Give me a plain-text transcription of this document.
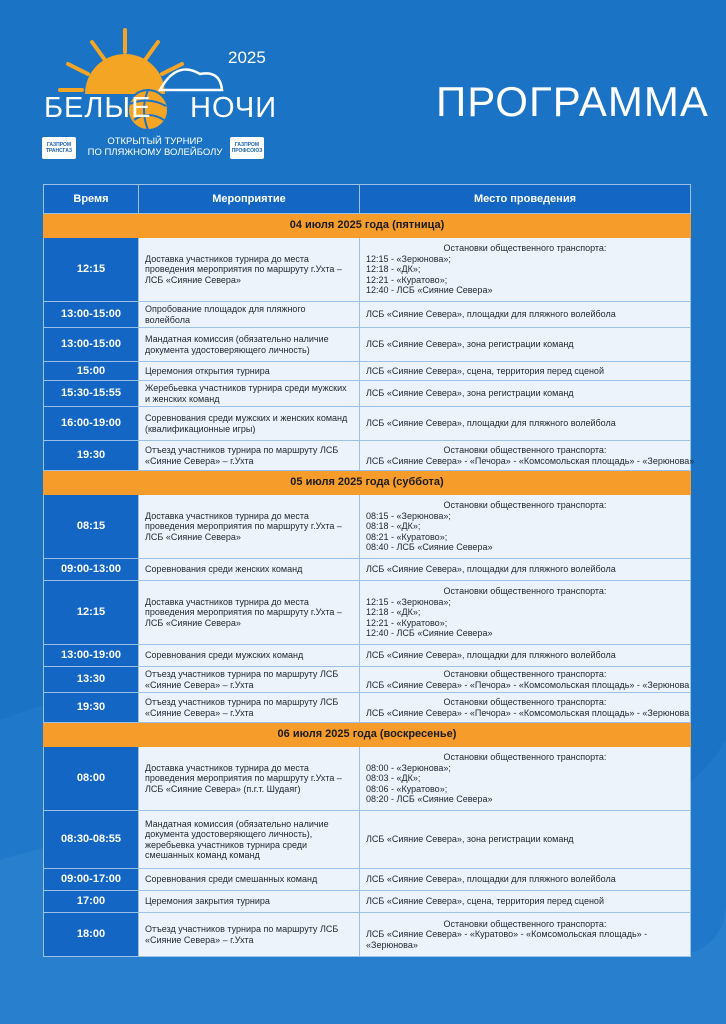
2025
БЕЛЫЕ НОЧИ
ОТКРЫТЫЙ ТУРНИР
ПО ПЛЯЖНОМУ ВОЛЕЙБОЛУ
ГАЗПРОМ ТРАНСГАЗ
ГАЗПРОМ ПРОФСОЮЗ
ПРОГРАММА
Время	Мероприятие	Место проведения
04 июля 2025 года (пятница)		
12:15	Доставка участников турнира до места проведения мероприятия по маршруту г.Ухта – ЛСБ «Сияние Севера»	Остановки общественного транспорта:
12:15 - «Зерюнова»;
12:18 - «ДК»;
12:21 - «Куратово»;
12:40 - ЛСБ «Сияние Севера»

13:00-15:00	Опробование площадок для пляжного волейбола	ЛСБ «Сияние Севера», площадки для пляжного волейбола

13:00-15:00	Мандатная комиссия (обязательно наличие документа удостоверяющего личность)	ЛСБ «Сияние Севера», зона регистрации команд

15:00	Церемония открытия турнира	ЛСБ «Сияние Севера», сцена, территория перед сценой

15:30-15:55	Жеребьевка участников турнира среди мужских и женских команд	ЛСБ «Сияние Севера», зона регистрации команд

16:00-19:00	Соревнования среди мужских и женских команд (квалификационные игры)	ЛСБ «Сияние Севера», площадки для пляжного волейбола

19:30	Отъезд участников турнира по маршруту ЛСБ «Сияние Севера» – г.Ухта	Остановки общественного транспорта:
ЛСБ «Сияние Севера» - «Печора» - «Комсомольская площадь» - «Зерюнова»

05 июля 2025 года (суббота)		
08:15	Доставка участников турнира до места проведения мероприятия по маршруту г.Ухта – ЛСБ «Сияние Севера»	Остановки общественного транспорта:
08:15 - «Зерюнова»;
08:18 - «ДК»;
08:21 - «Куратово»;
08:40 - ЛСБ «Сияние Севера»

09:00-13:00	Соревнования среди женских команд	ЛСБ «Сияние Севера», площадки для пляжного волейбола

12:15	Доставка участников турнира до места проведения мероприятия по маршруту г.Ухта – ЛСБ «Сияние Севера»	Остановки общественного транспорта:
12:15 - «Зерюнова»;
12:18 - «ДК»;
12:21 - «Куратово»;
12:40 - ЛСБ «Сияние Севера»

13:00-19:00	Соревнования среди мужских команд	ЛСБ «Сияние Севера», площадки для пляжного волейбола

13:30	Отъезд участников турнира по маршруту ЛСБ «Сияние Севера» – г.Ухта	Остановки общественного транспорта:
ЛСБ «Сияние Севера» - «Печора» - «Комсомольская площадь» - «Зерюнова

19:30	Отъезд участников турнира по маршруту ЛСБ «Сияние Севера» – г.Ухта	Остановки общественного транспорта:
ЛСБ «Сияние Севера» - «Печора» - «Комсомольская площадь» - «Зерюнова

06 июля 2025 года (воскресенье)		
08:00	Доставка участников турнира до места проведения мероприятия по маршруту г.Ухта – ЛСБ «Сияние Севера» (п.г.т. Шудаяг)	Остановки общественного транспорта:
08:00 - «Зерюнова»;
08:03 - «ДК»;
08:06 - «Куратово»;
08:20 - ЛСБ «Сияние Севера»

08:30-08:55	Мандатная комиссия (обязательно наличие документа удостоверяющего личность), жеребьевка участников турнира среди смешанных команд команд	ЛСБ «Сияние Севера», зона регистрации команд

09:00-17:00	Соревнования среди смешанных команд	ЛСБ «Сияние Севера», площадки для пляжного волейбола

17:00	Церемония закрытия турнира	ЛСБ «Сияние Севера», сцена, территория перед сценой

18:00	Отъезд участников турнира по маршруту ЛСБ «Сияние Севера» – г.Ухта	Остановки общественного транспорта:
ЛСБ «Сияние Севера» - «Куратово» - «Комсомольская площадь» -
«Зерюнова»
